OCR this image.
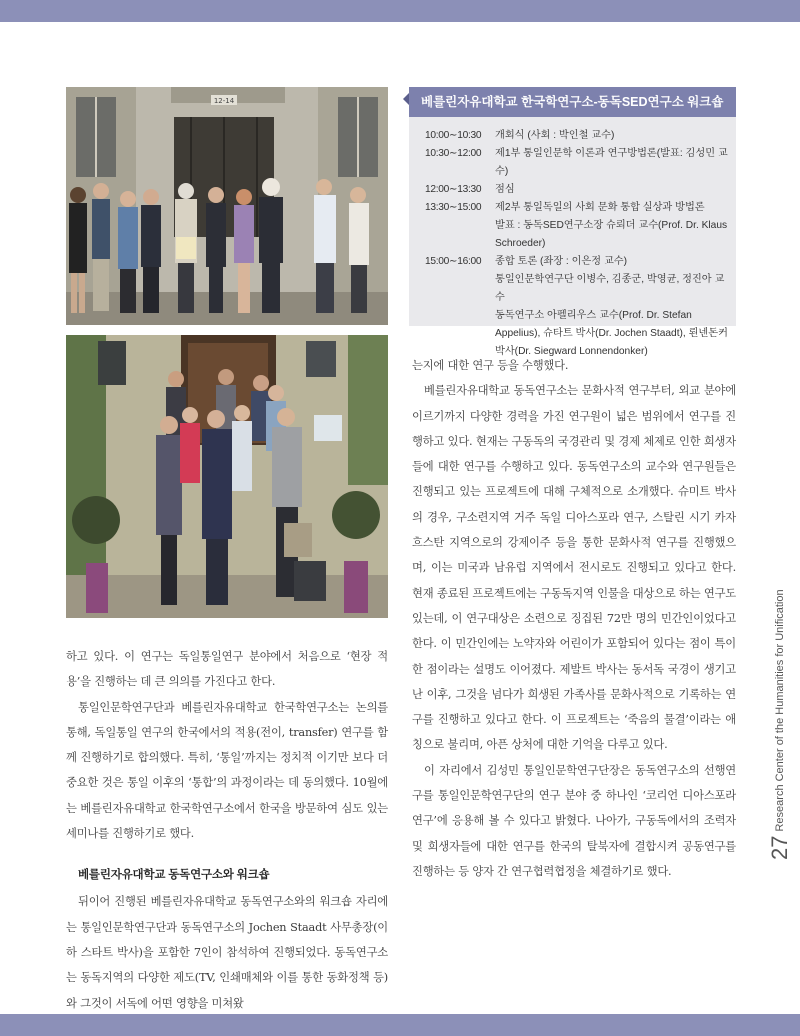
12-14	베를린자유대학교 한국학연구소-동독SED연구소 워크숍
10:00∼10:30	개회식 (사회 : 박인철 교수)
10:30∼12:00	제1부 통일인문학 이론과 연구방법론(발표: 김성민 교수)
12:00∼13:30	점심
13:30∼15:00	제2부 통일독일의 사회 문화 통합 실상과 방법론
발표 : 동독SED연구소장 슈뢰더 교수(Prof. Dr. Klaus Schroeder)
15:00∼16:00	종합 토론 (좌장 : 이은정 교수)
통일인문학연구단 이병수, 김종군, 박영균, 정진아 교수
동독연구소 아펠리우스 교수(Prof. Dr. Stefan Appelius), 슈타트 박사(Dr. Jochen Staadt), 뢴넨돈커 박사(Dr. Siegward Lonnendonker)

하고 있다. 이 연구는 독일통일연구 분야에서 처음으로 ‘현장 적용’을 진행하는 데 큰 의의를 가진다고 한다.

통일인문학연구단과 베를린자유대학교 한국학연구소는 논의를 통해, 독일통일 연구의 한국에서의 적용(전이, transfer) 연구를 함께 진행하기로 합의했다. 특히, ‘통일’까지는 정치적 이기만 보다 더 중요한 것은 통일 이후의 ‘통합’의 과정이라는 데 동의했다. 10월에는 베를린자유대학교 한국학연구소에서 한국을 방문하여 심도 있는 세미나를 진행하기로 했다.

베를린자유대학교 동독연구소와 워크숍

뒤이어 진행된 베를린자유대학교 동독연구소와의 워크숍 자리에는 통일인문학연구단과 동독연구소의 Jochen Staadt 사무총장(이하 스타트 박사)을 포함한 7인이 참석하여 진행되었다. 동독연구소는 동독지역의 다양한 제도(TV, 인쇄매체와 이를 통한 동화정책 등)와 그것이 서독에 어떤 영향을 미쳐왔

는지에 대한 연구 등을 수행했다.

베를린자유대학교 동독연구소는 문화사적 연구부터, 외교 분야에 이르기까지 다양한 경력을 가진 연구원이 넓은 범위에서 연구를 진행하고 있다. 현재는 구동독의 국경관리 및 경제 체제로 인한 희생자들에 대한 연구를 수행하고 있다. 동독연구소의 교수와 연구원들은 진행되고 있는 프로젝트에 대해 구체적으로 소개했다. 슈미트 박사의 경우, 구소련지역 거주 독일 디아스포라 연구, 스탈린 시기 카자흐스탄 지역으로의 강제이주 등을 통한 문화사적 연구를 진행했으며, 이는 미국과 남유럽 지역에서 전시로도 진행되고 있다고 한다. 현재 종료된 프로젝트에는 구동독지역 인물을 대상으로 하는 연구도 있는데, 이 연구대상은 소련으로 징집된 72만 명의 민간인이었다고 한다. 이 민간인에는 노약자와 어린이가 포함되어 있다는 점이 특이한 점이라는 설명도 이어졌다. 제발트 박사는 동서독 국경이 생기고 난 이후, 그것을 넘다가 희생된 가족사를 문화사적으로 기록하는 연구를 진행하고 있다고 한다. 이 프로젝트는 ‘죽음의 물결’이라는 애칭으로 불리며, 아픈 상처에 대한 기억을 다루고 있다.

이 자리에서 김성민 통일인문학연구단장은 동독연구소의 선행연구를 통일인문학연구단의 연구 분야 중 하나인 ‘코리언 디아스포라 연구’에 응용해 볼 수 있다고 밝혔다. 나아가, 구동독에서의 조력자 및 희생자들에 대한 연구를 한국의 탈북자에 결합시켜 공동연구를 진행하는 등 양자 간 연구협력협정을 체결하기로 했다.

27Research Center of the Humanities for Unification
